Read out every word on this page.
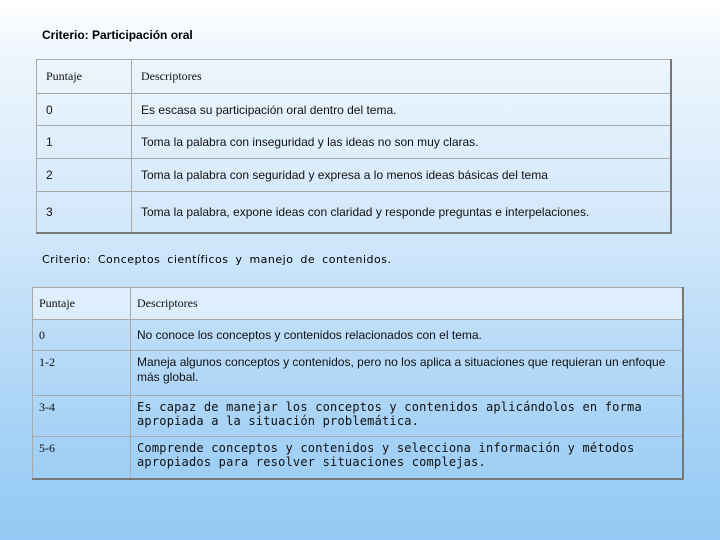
Criterio: Participación oral
Puntaje	Descriptores
0	Es escasa su participación oral dentro del tema.
1	Toma la palabra con inseguridad y las ideas no son muy claras.
2	Toma la palabra con seguridad y expresa a lo menos ideas básicas del tema
3	Toma la palabra, expone ideas con claridad y responde preguntas e interpelaciones.
Criterio: Conceptos científicos y manejo de contenidos.
Puntaje	Descriptores
0	No conoce los conceptos y contenidos relacionados con el tema.
1-2	Maneja algunos conceptos y contenidos, pero no los aplica a situaciones que requieran un enfoque más global.
3-4	Es capaz de manejar los conceptos y contenidos aplicándolos en forma apropiada a la situación problemática.
5-6	Comprende conceptos y contenidos y selecciona información y métodos apropiados para resolver situaciones complejas.
